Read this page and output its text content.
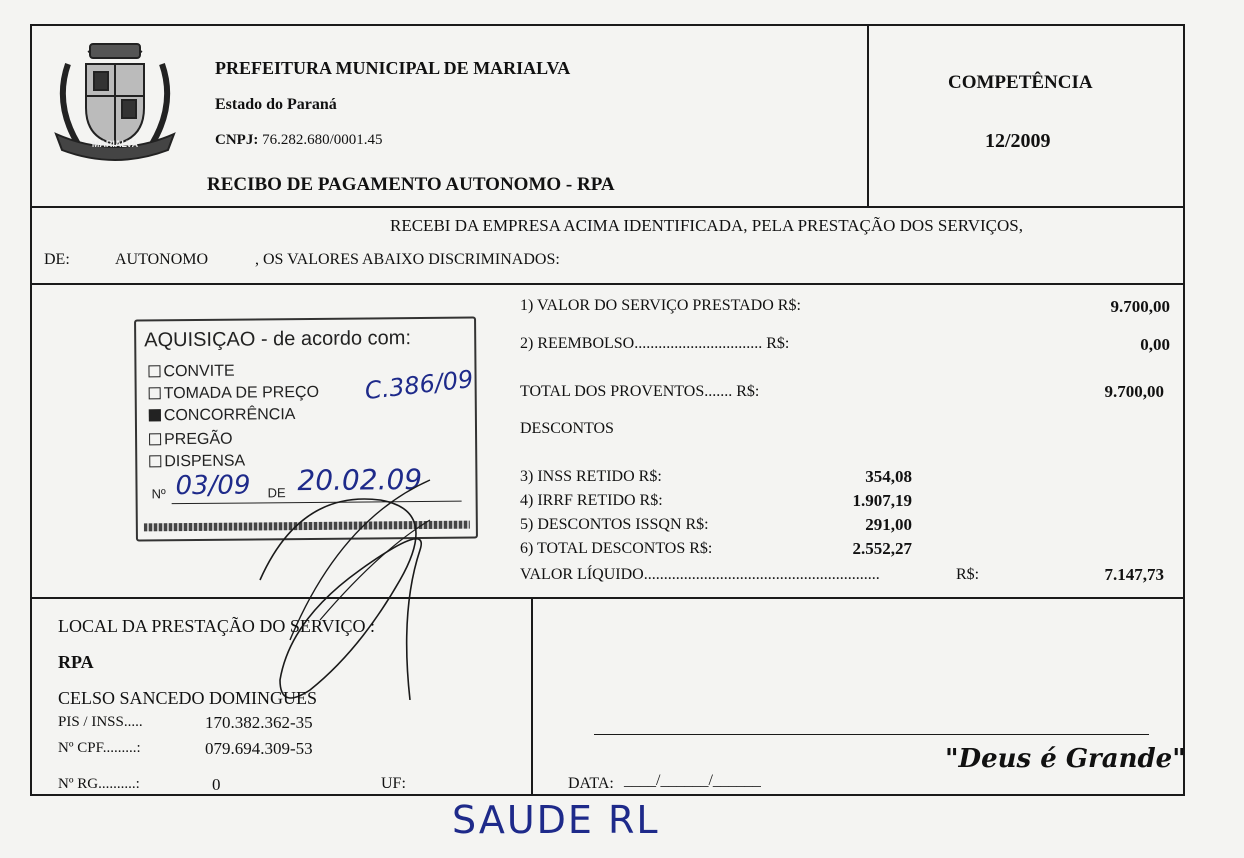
MARIALVA
PREFEITURA MUNICIPAL DE MARIALVA
Estado do Paraná
CNPJ: 76.282.680/0001.45
RECIBO DE PAGAMENTO AUTONOMO - RPA
COMPETÊNCIA
12/2009
RECEBI DA EMPRESA ACIMA IDENTIFICADA, PELA PRESTAÇÃO DOS SERVIÇOS,
DE:	AUTONOMO	, OS VALORES ABAIXO DISCRIMINADOS:
1) VALOR DO SERVIÇO PRESTADO R$:	9.700,00
2) REEMBOLSO................................ R$:	0,00
TOTAL DOS PROVENTOS....... R$:	9.700,00
DESCONTOS
3) INSS RETIDO R$:	354,08
4) IRRF RETIDO R$:	1.907,19
5) DESCONTOS ISSQN R$:	291,00
6) TOTAL DESCONTOS R$:	2.552,27
VALOR LÍQUIDO...........................................................	R$:	7.147,73
AQUISIÇAO - de acordo com:
CONVITE
TOMADA DE PREÇO
CONCORRÊNCIA
PREGÃO
DISPENSA
Nº	DE
C.386/09
03/09 20.02.09
LOCAL DA PRESTAÇÃO DO SERVIÇO :
RPA
CELSO SANCEDO DOMINGUES
PIS / INSS.....	170.382.362-35
Nº CPF.........:	079.694.309-53
Nº RG..........:	0	UF:	DATA: ____/______/______
"Deus é Grande"
SAUDE RL
